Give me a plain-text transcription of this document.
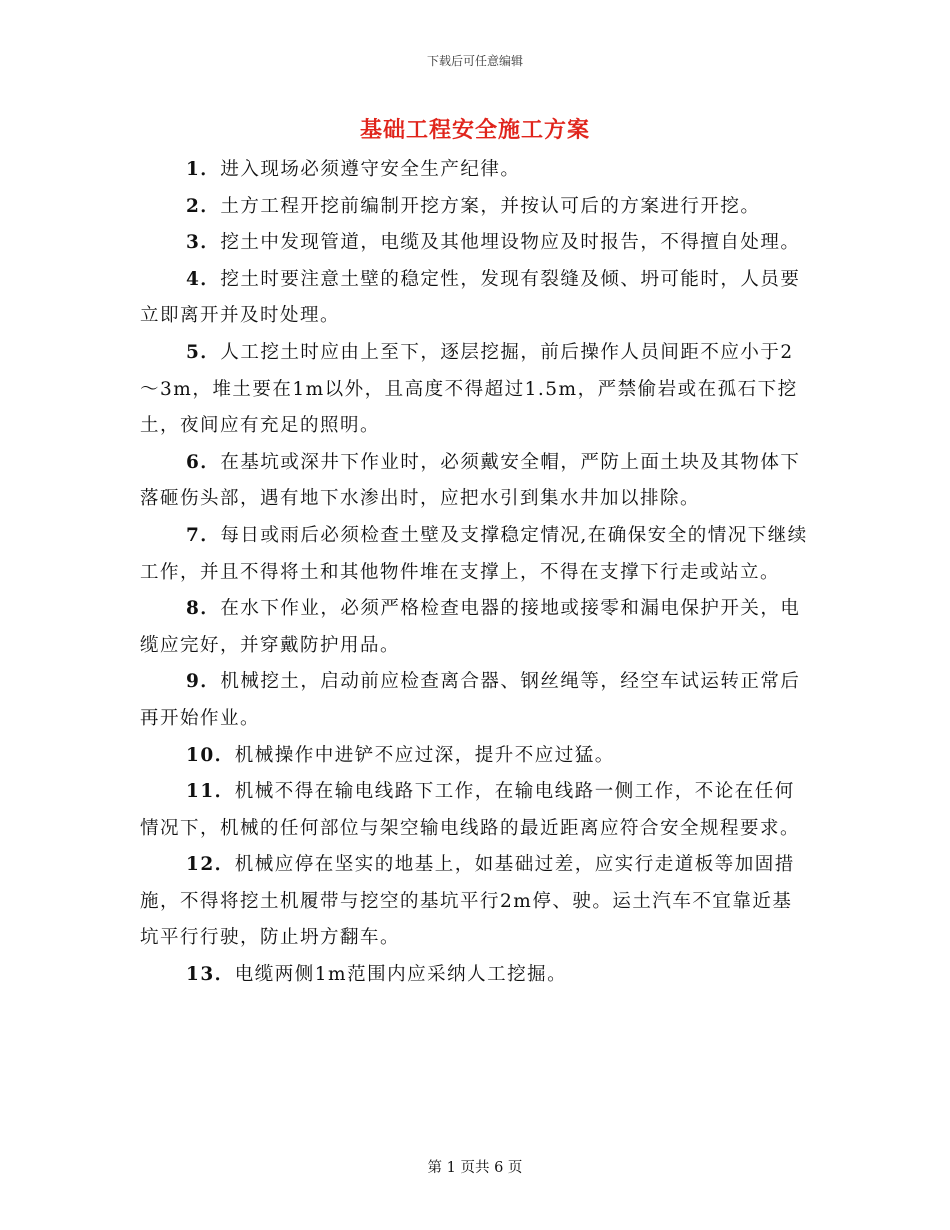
下载后可任意编辑
基础工程安全施工方案

1．进入现场必须遵守安全生产纪律。

2．土方工程开挖前编制开挖方案，并按认可后的方案进行开挖。

3．挖土中发现管道，电缆及其他埋设物应及时报告，不得擅自处理。

4．挖土时要注意土壁的稳定性，发现有裂缝及倾、坍可能时，人员要立即离开并及时处理。

5．人工挖土时应由上至下，逐层挖掘，前后操作人员间距不应小于2～3m，堆土要在1m以外，且高度不得超过1.5m，严禁偷岩或在孤石下挖土，夜间应有充足的照明。

6．在基坑或深井下作业时，必须戴安全帽，严防上面土块及其物体下落砸伤头部，遇有地下水渗出时，应把水引到集水井加以排除。

7．每日或雨后必须检查土壁及支撑稳定情况,在确保安全的情况下继续工作，并且不得将土和其他物件堆在支撑上，不得在支撑下行走或站立。

8．在水下作业，必须严格检查电器的接地或接零和漏电保护开关，电缆应完好，并穿戴防护用品。

9．机械挖土，启动前应检查离合器、钢丝绳等，经空车试运转正常后再开始作业。

10．机械操作中进铲不应过深，提升不应过猛。

11．机械不得在输电线路下工作，在输电线路一侧工作，不论在任何情况下，机械的任何部位与架空输电线路的最近距离应符合安全规程要求。

12．机械应停在坚实的地基上，如基础过差，应实行走道板等加固措施，不得将挖土机履带与挖空的基坑平行2m停、驶。运土汽车不宜靠近基坑平行行驶，防止坍方翻车。

13．电缆两侧1m范围内应采纳人工挖掘。

第 1 页共 6 页
